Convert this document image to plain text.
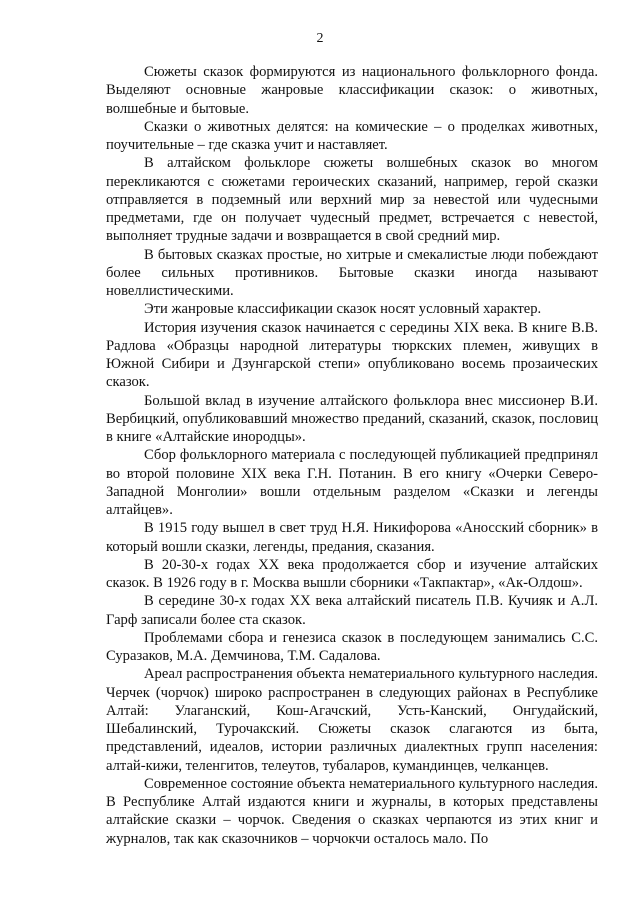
2

Сюжеты сказок формируются из национального фольклорного фонда. Выделяют основные жанровые классификации сказок: о животных, волшебные и бытовые.

Сказки о животных делятся: на комические – о проделках животных, поучительные – где сказка учит и наставляет.

В алтайском фольклоре сюжеты волшебных сказок во многом перекликаются с сюжетами героических сказаний, например, герой сказки отправляется в подземный или верхний мир за невестой или чудесными предметами, где он получает чудесный предмет, встречается с невестой, выполняет трудные задачи и возвращается в свой средний мир.

В бытовых сказках простые, но хитрые и смекалистые люди побеждают более сильных противников. Бытовые сказки иногда называют новеллистическими.

Эти жанровые классификации сказок носят условный характер.

История изучения сказок начинается с середины XIX века. В книге В.В. Радлова «Образцы народной литературы тюркских племен, живущих в Южной Сибири и Дзунгарской степи» опубликовано восемь прозаических сказок.

Большой вклад в изучение алтайского фольклора внес миссионер В.И. Вербицкий, опубликовавший множество преданий, сказаний, сказок, пословиц в книге «Алтайские инородцы».

Сбор фольклорного материала с последующей публикацией предпринял во второй половине XIX века Г.Н. Потанин. В его книгу «Очерки Северо-Западной Монголии» вошли отдельным разделом «Сказки и легенды алтайцев».

В 1915 году вышел в свет труд Н.Я. Никифорова «Аносский сборник» в который вошли сказки, легенды, предания, сказания.

В 20-30-х годах XX века продолжается сбор и изучение алтайских сказок. В 1926 году в г. Москва вышли сборники «Такпактар», «Ак-Олдош».

В середине 30-х годах XX века алтайский писатель П.В. Кучияк и А.Л. Гарф записали более ста сказок.

Проблемами сбора и генезиса сказок в последующем занимались С.С. Суразаков, М.А. Демчинова, Т.М. Садалова.

Ареал распространения объекта нематериального культурного наследия. Черчек (чорчок) широко распространен в следующих районах в Республике Алтай: Улаганский, Кош-Агачский, Усть-Канский, Онгудайский, Шебалинский, Турочакский. Сюжеты сказок слагаются из быта, представлений, идеалов, истории различных диалектных групп населения: алтай-кижи, теленгитов, телеутов, тубаларов, кумандинцев, челканцев.

Современное состояние объекта нематериального культурного наследия. В Республике Алтай издаются книги и журналы, в которых представлены алтайские сказки – чорчок. Сведения о сказках черпаются из этих книг и журналов, так как сказочников – чорчокчи осталось мало. По
